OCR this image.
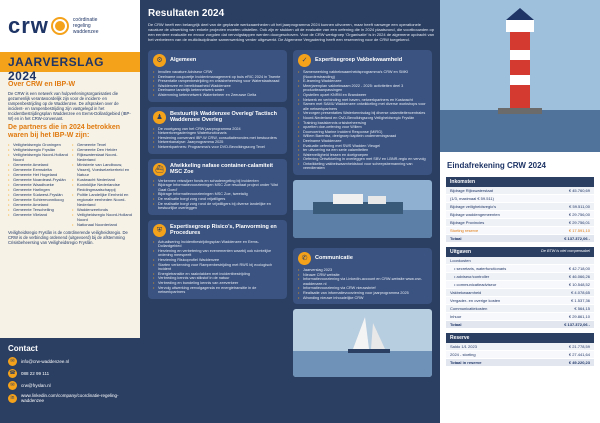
crw	coördinatie
regeling
waddenzee
JAARVERSLAG 2024
Over CRW en IBP-W

De CRW is een netwerk van hulpverleningsorganisaties die gezamenlijk verantwoordelijk zijn voor de incident- en rampenbestrijding op de Waddenzee. De afspraken over de incident- en rampenbestrijding zijn vastgelegd in het Incidentbestrijdingsplan Waddenzee en Eems-Dollardgebied (IBP-W) en in het CRW-convenant.

De partners die in 2024 betrokken waren bij het IBP-W zijn:
• Veiligheidsregio Groningen
• Veiligheidsregio Fryslân
• Veiligheidsregio Noord-Holland Noord
• Gemeente Ameland
• Gemeente Eemsdelta
• Gemeente Het Hogeland
• Gemeente Noardeast-Fryslân
• Gemeente Waadhoeke
• Gemeente Harlingen
• Gemeente Súdwest-Fryslân
• Gemeente Schiermonnikoog
• Gemeente Ameland
• Gemeente Terschelling
• Gemeente Vlieland
• Gemeente Texel
• Gemeente Den Helder
• Rijkswaterstaat Noord-Nederland
• Ministerie van Landbouw, Visserij, Voedselzekerheid en Natuur
• Kustwacht Nederland
• Koninklijke Nederlandse Reddingmaatschappij
• Politie Landelijke Eenheid en regionale eenheden Noord-Nederland
• Waddenzeefonds
• Veiligheidsregio Noord-Holland Noord
• Nationaal Noorderland

Veiligheidsregio Fryslân is de coördinerende veiligheidsregio. De CRW is de verbinding ordenend (uitgevoerd) bij de afstemming Crisisbeheersing van Veiligheidsregio Fryslân.

Contact
✉	info@crw-waddenzee.nl
☎	088 22 99 111
✉	crw@fryslan.nl
in	www.linkedin.com/company/coordinatie-regeling-waddenzee
Resultaten 2024

De CRW heeft een belangrijk deel van de geplande werkzaamheden uit het jaarprogramma 2024 kunnen uitvoeren, maar heeft vanwege een operationele vacature de uitwerking van enkele projecten moeten uitstellen. Ook zijn er stukken uit de evaluatie van een oefening die in 2024 plaatsvond, die voortbouwden op een eerdere evaluatie en ervoor zorgden dat vervolgstappen werden doorgeschoven. Voor de CRW werkgroep 'Organisatie' is in 2024 de algemene opdracht van het verbeteren van de multidisciplinaire samenwerking verder uitgewerkt. De Algemene Vergadering heeft een reservering voor de CRW toegekend.

⚙	Algemeen
• Invullen vacature Adviseur CRW
• Deelname coupuretje Incidentmanagement op buis eRIC 2024 in Twente
• Presentatie rampenbestrijding en crisisbeheersing voor Waterstaatsraad
• Waddenzee en bereikbaarheid Waddenzee
• Deelname landelijk ketennetwerk water
• Afstemming ketennetwerk Waterbeheer en Zeeuwse Delta
♟	Bestuurlijk Waddenzee Overleg/ Tactisch Waddenzee Overleg
• De voortgang van het CRW jaarprogramma 2024
• Netwerkvergaderingen Waterfunctionaris
• Hersiening convenant IBP-W CRW, consultatierondes met bestuurders
• Netwerkanalyse: Jaarprogramma 2025
• Netwerkpartners: Programma's voor DVD-Bevolkingszorg Texel
⛴	Afwikkeling nafase container-calamiteit MSC Zoe
• Verkennen reiswijzer fonds en schaderegeling bij incidenten
• Bijdrage Informatievoorzieningen MSC Zoe resultaat project onder 'Wat Gaat Goed'
• Bijdrage Informatievoorzieningen MSC Zoe, tweetalig
• De realisatie borgt zorg rond vrijwilligers
• De realisatie borgt zorg rond de vrijwilligers bij diverse landelijke en bestuurlijke overleggen
⛨	Expertisegroep Risico's, Planvorming en Procedures
• Actualisering Incidentbestrijdingsplan Waddenzee en Eems-Dollardgebied
• Herziening en verbetering van evenementen waarbij ook ruimtelijke ordening meespeelt
• Herziening Risicoprofiel Waddenzee
• Starten verkenning voor Rampenbestrijding met RWS bij ecologisch incident
• Energietransitie en raakvlakken met incidentbestrijding
• Verbreding kennis van stikstof in de natuur
• Verbreding en bundeling kennis van zeeverkeer
• Vervolg uitwerking vervolgagenda en energietransitie in de netwerkpartners
✓	Expertisegroep Vakbekwaamheid
• Samenwerking vakbekwaamheidsprogramma's CRW en SMKI (Noorderstranding)
• E-learning Waddenzee
• Meerjarenplan vakbekwaam 2022 - 2025: activiteiten deel 3 productieaanpassingen
• Opstellen opzet KNRM en Brandweer
• Netwerk en verbinding met haven, netwerkpartners en Kustwacht
• Samen met SAMU Waddenzee ontwikkeling met diverse workshops voor alle netwerkpartners
• Verzorgen presentaties Waterkennisdag bij diverse calamiteitencentrales
• Noord-Nederland en OvD-Bevolkingszorg Veiligheidsregio Fryslân
• Training basiskennis crisisbeheersing
• opzetten doe-oefening voor Willem
• Doorvoering Marine Incident Response (MIRG)
• Willem Barentsz, deelgroep kapitein ondernemingsraad
• Deelname Waddenzee
• Evaluatie oefening met SWS Wadden Vleugel
• ter uitvoering na een serie calamiteiten
• Waterveiligheid lessen en doelgroepen
• Oefening Ontwikkeling in overleggen met SBV en LBNR-regio en vervolg
• Ontwikkeling vakbekwaamheidstool voor scheepsbemanning van veerdiensten
✆	Communicatie
• Jaarverslag 2023
• Nieuwe CRW website
• Informatievoorziening via LinkedIn-account en CRW-website www.crw-waddenzee.nl
• Informatievoorziening via CRW nieuwsbrief
• Realisatie van informatievoorziening voor jaarprogramma 2025
• Afronding nieuwe inhoudelijke CRW
Eindafrekening CRW 2024
Inkomsten
Bijdrage Rijkswaterstaat	€ 45.760,69
(1/3, maximaal € 59.511)
Bijdrage veiligheidsregio's	€ 59.511,00
Bijdrage waddengemeenten	€ 29.756,00
Bijdrage Provincies	€ 29.756,01
Storting reserve	€ 17.591,10
Totaal	€ 137.372,06 -
Uitgaven	De BTW is niet compensabel
Loonkosten
• secretaris, waterfunctionaris	€ 42.718,00
• adviseur/controller	€ 46.066,26
• communicatieadviseur	€ 10.548,52
Vakbekwaamheid	€ 4.078,65
Vergader- en overige kosten	€ 1.537,36
Communicatiekosten	€ 564,15
Inhuur	€ 29.861,10
Totaal	€ 137.372,06 -
Reserve
Saldo 1/1 2023	€ 21.778,59
2024 - storting	€ 27.441,64
Totaal in reserve	€ 49.220,23
